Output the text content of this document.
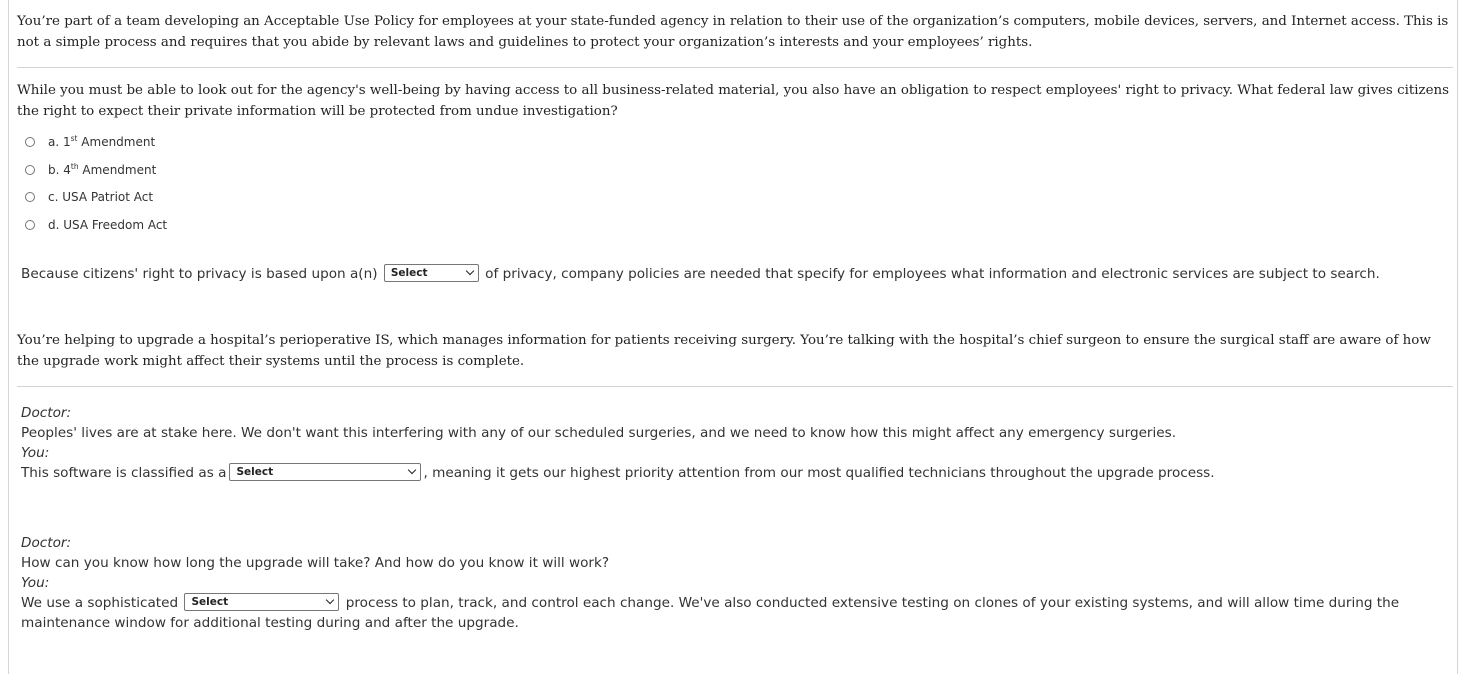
You’re part of a team developing an Acceptable Use Policy for employees at your state-funded agency in relation to their use of the organization’s computers, mobile devices, servers, and Internet access. This is not a simple process and requires that you abide by relevant laws and guidelines to protect your organization’s interests and your employees’ rights.

While you must be able to look out for the agency's well-being by having access to all business-related material, you also have an obligation to respect employees' right to privacy. What federal law gives citizens the right to expect their private information will be protected from undue investigation?

a. 1st Amendment
b. 4th Amendment
c. USA Patriot Act
d. USA Freedom Act

Because citizens' right to privacy is based upon a(n) Select	of privacy, company policies are needed that specify for employees what information and electronic services are subject to search.

You’re helping to upgrade a hospital’s perioperative IS, which manages information for patients receiving surgery. You’re talking with the hospital’s chief surgeon to ensure the surgical staff are aware of how the upgrade work might affect their systems until the process is complete.

Doctor:
Peoples' lives are at stake here. We don't want this interfering with any of our scheduled surgeries, and we need to know how this might affect any emergency surgeries.
You:
This software is classified as a Select	, meaning it gets our highest priority attention from our most qualified technicians throughout the upgrade process.
Doctor:
How can you know how long the upgrade will take? And how do you know it will work?
You:
We use a sophisticated Select	process to plan, track, and control each change. We've also conducted extensive testing on clones of your existing systems, and will allow time during the maintenance window for additional testing during and after the upgrade.
